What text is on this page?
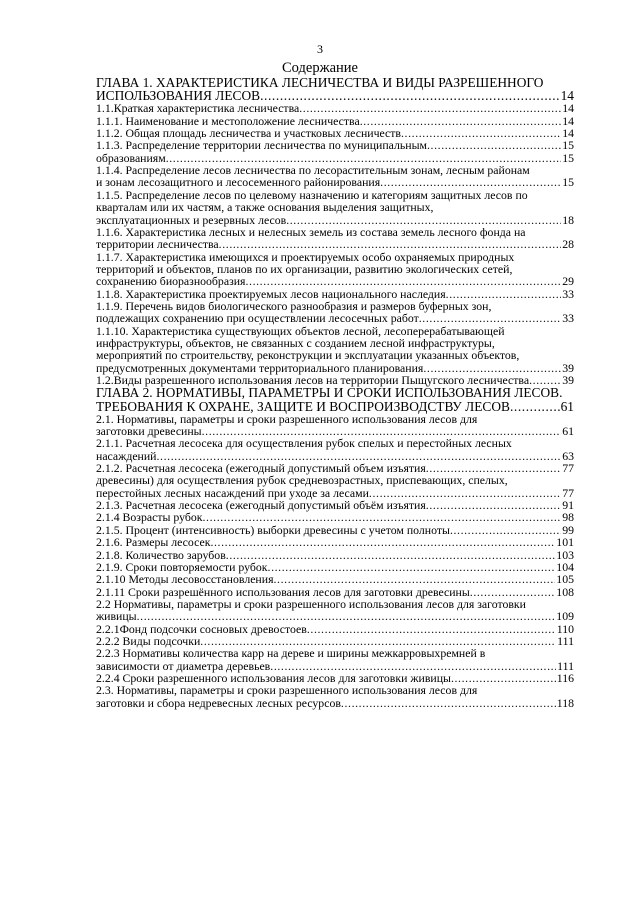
3
Содержание
ГЛАВА 1. ХАРАКТЕРИСТИКА ЛЕСНИЧЕСТВА И ВИДЫ РАЗРЕШЕННОГО
ИСПОЛЬЗОВАНИЯ ЛЕСОВ .....	14
1.1.Краткая характеристика лесничества .....	14
1.1.1. Наименование и местоположение лесничества .....	14
1.1.2. Общая площадь лесничества и участковых лесничеств .....	14
1.1.3. Распределение территории лесничества по муниципальным .....	15
образованиям .....	15
1.1.4. Распределение лесов лесничества по лесорастительным зонам, лесным районам
и зонам лесозащитного и лесосеменного районирования .....	15
1.1.5. Распределение лесов по целевому назначению и категориям защитных лесов по
кварталам или их частям, а также основания выделения защитных,
эксплуатационных и резервных лесов .....	18
1.1.6. Характеристика лесных и нелесных земель из состава земель лесного фонда на
территории лесничества .....	28
1.1.7. Характеристика имеющихся и проектируемых особо охраняемых природных
территорий и объектов, планов по их организации, развитию экологических сетей,
сохранению биоразнообразия .....	29
1.1.8. Характеристика проектируемых лесов национального наследия .....	33
1.1.9. Перечень видов биологического разнообразия и размеров буферных зон,
подлежащих сохранению при осуществлении лесосечных работ .....	33
1.1.10. Характеристика существующих объектов лесной, лесоперерабатывающей
инфраструктуры, объектов, не связанных с созданием лесной инфраструктуры,
мероприятий по строительству, реконструкции и эксплуатации указанных объектов,
предусмотренных документами территориального планирования .....	39
1.2.Виды разрешенного использования лесов на территории Пыщугского лесничества .....	39
ГЛАВА 2. НОРМАТИВЫ, ПАРАМЕТРЫ И СРОКИ ИСПОЛЬЗОВАНИЯ ЛЕСОВ.
ТРЕБОВАНИЯ К ОХРАНЕ, ЗАЩИТЕ И ВОСПРОИЗВОДСТВУ ЛЕСОВ .....	61
2.1. Нормативы, параметры и сроки разрешенного использования лесов для
заготовки древесины .....	61
2.1.1. Расчетная лесосека для осуществления рубок спелых и перестойных лесных
насаждений .....	63
2.1.2. Расчетная лесосека (ежегодный допустимый объем изъятия .....	77
древесины) для осуществления рубок средневозрастных, приспевающих, спелых,
перестойных лесных насаждений при уходе за лесами .....	77
2.1.3. Расчетная лесосека (ежегодный допустимый объём изъятия .....	91
2.1.4 Возрасты рубок .....	98
2.1.5. Процент (интенсивность) выборки древесины с учетом полноты .....	99
2.1.6. Размеры лесосек .....	101
2.1.8. Количество зарубов .....	103
2.1.9. Сроки повторяемости рубок .....	104
2.1.10 Методы лесовосстановления .....	105
2.1.11 Сроки разрешённого использования лесов для заготовки древесины .....	108
2.2 Нормативы, параметры и сроки разрешенного использования лесов для заготовки
живицы .....	109
2.2.1Фонд подсочки сосновых древостоев .....	110
2.2.2 Виды подсочки .....	111
2.2.3 Нормативы количества карр на дереве и ширины межкарровыхремней в
зависимости от диаметра деревьев .....	111
2.2.4 Сроки разрешенного использования лесов для заготовки живицы .....	116
2.3. Нормативы, параметры и сроки разрешенного использования лесов для
заготовки и сбора недревесных лесных ресурсов .....	118
